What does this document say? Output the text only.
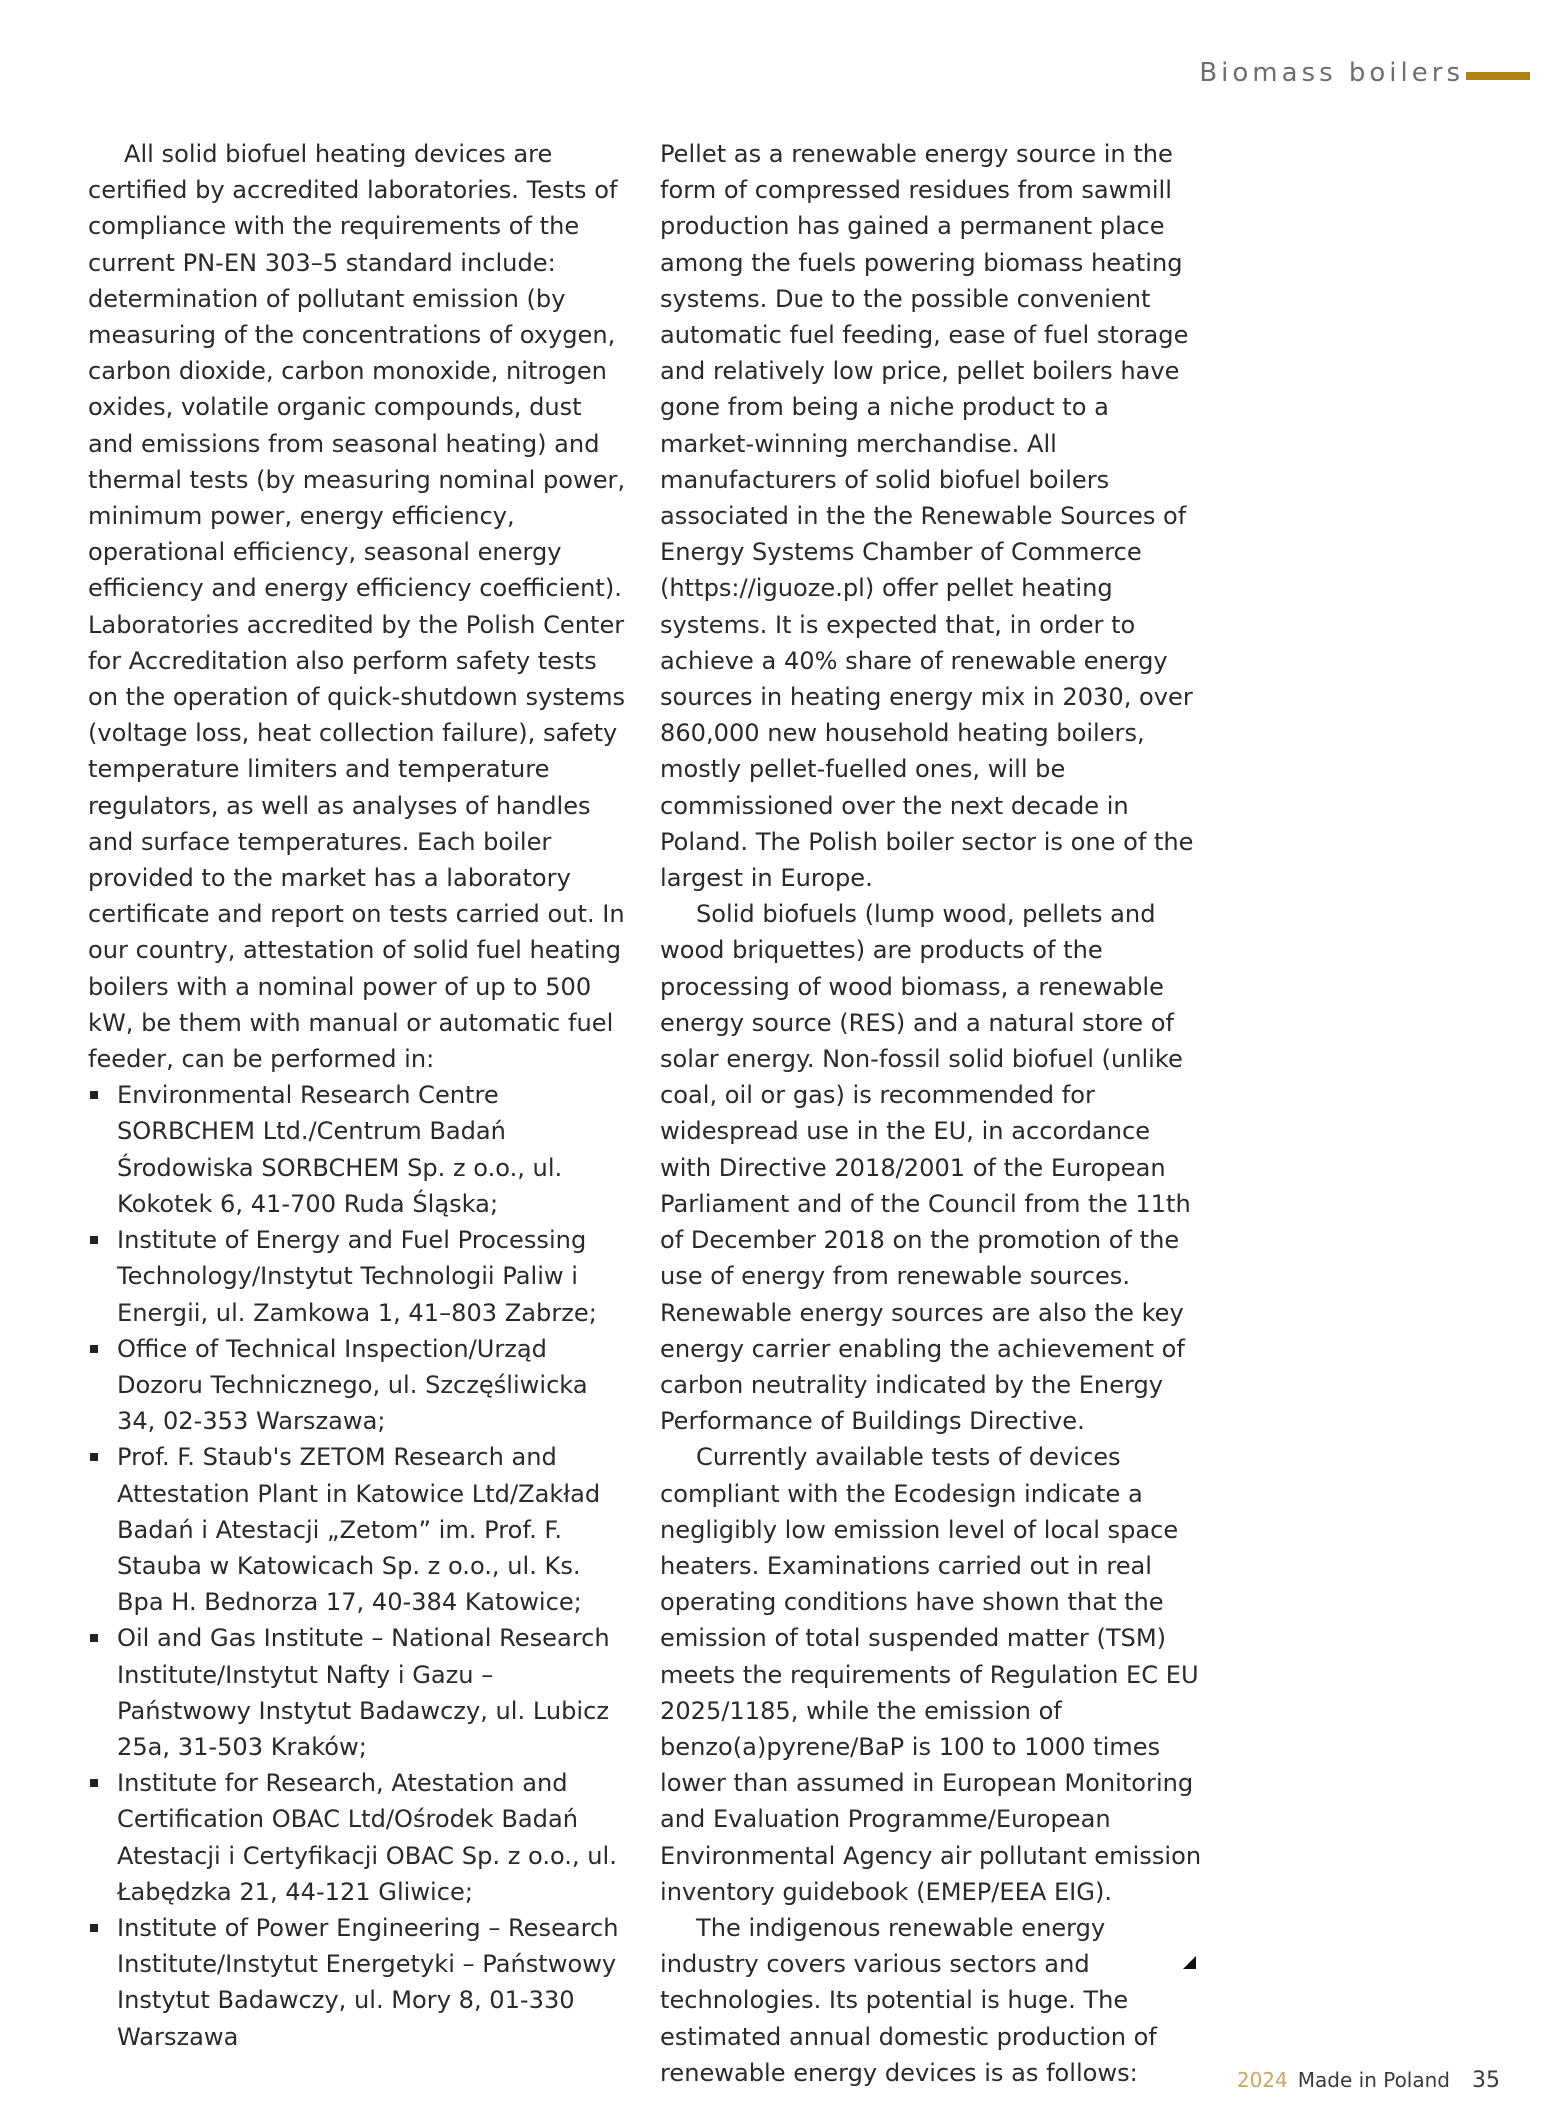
Biomass boilers

All solid biofuel heating devices are certified by accredited laboratories. Tests of compliance with the requirements of the current PN-EN 303–5 standard include: determination of pollutant emission (by measuring of the concentrations of oxygen, carbon dioxide, carbon monoxide, nitrogen oxides, volatile organic compounds, dust and emissions from seasonal heating) and thermal tests (by measuring nominal power, minimum power, energy efficiency, operational efficiency, seasonal energy efficiency and energy efficiency coefficient). Laboratories accredited by the Polish Center for Accreditation also perform safety tests on the operation of quick-shutdown systems (voltage loss, heat collection failure), safety temperature limiters and temperature regulators, as well as analyses of handles and surface temperatures. Each boiler provided to the market has a laboratory certificate and report on tests carried out. In our country, attestation of solid fuel heating boilers with a nominal power of up to 500 kW, be them with manual or automatic fuel feeder, can be performed in:

Environmental Research Centre SORBCHEM Ltd./Centrum Badań Środowiska SORBCHEM Sp. z o.o., ul. Kokotek 6, 41-700 Ruda Śląska;
Institute of Energy and Fuel Processing Technology/Instytut Technologii Paliw i Energii, ul. Zamkowa 1, 41–803 Zabrze;
Office of Technical Inspection/Urząd Dozoru Technicznego, ul. Szczęśliwicka 34, 02-353 Warszawa;
Prof. F. Staub's ZETOM Research and Attestation Plant in Katowice Ltd/Zakład Badań i Atestacji „Zetom” im. Prof. F. Stauba w Katowicach Sp. z o.o., ul. Ks. Bpa H. Bednorza 17, 40-384 Katowice;
Oil and Gas Institute – National Research Institute/Instytut Nafty i Gazu – Państwowy Instytut Badawczy, ul. Lubicz 25a, 31-503 Kraków;
Institute for Research, Atestation and Certification OBAC Ltd/Ośrodek Badań Atestacji i Certyfikacji OBAC Sp. z o.o., ul. Łabędzka 21, 44-121 Gliwice;
Institute of Power Engineering – Research Institute/Instytut Energetyki – Państwowy Instytut Badawczy, ul. Mory 8, 01-330 Warszawa

Pellet as a renewable energy source in the form of compressed residues from sawmill production has gained a permanent place among the fuels powering biomass heating systems. Due to the possible convenient automatic fuel feeding, ease of fuel storage and relatively low price, pellet boilers have gone from being a niche product to a market-winning merchandise. All manufacturers of solid biofuel boilers associated in the the Renewable Sources of Energy Systems Chamber of Commerce (https://iguoze.pl) offer pellet heating systems. It is expected that, in order to achieve a 40% share of renewable energy sources in heating energy mix in 2030, over 860,000 new household heating boilers, mostly pellet-fuelled ones, will be commissioned over the next decade in Poland. The Polish boiler sector is one of the largest in Europe.

Solid biofuels (lump wood, pellets and wood briquettes) are products of the processing of wood biomass, a renewable energy source (RES) and a natural store of solar energy. Non-fossil solid biofuel (unlike coal, oil or gas) is recommended for widespread use in the EU, in accordance with Directive 2018/2001 of the European Parliament and of the Council from the 11th of December 2018 on the promotion of the use of energy from renewable sources. Renewable energy sources are also the key energy carrier enabling the achievement of carbon neutrality indicated by the Energy Performance of Buildings Directive.

Currently available tests of devices compliant with the Ecodesign indicate a negligibly low emission level of local space heaters. Examinations carried out in real operating conditions have shown that the emission of total suspended matter (TSM) meets the requirements of Regulation EC EU 2025/1185, while the emission of benzo(a)pyrene/BaP is 100 to 1000 times lower than assumed in European Monitoring and Evaluation Programme/European Environmental Agency air pollutant emission inventory guidebook (EMEP/EEA EIG).

The indigenous renewable energy industry covers various sectors and technologies. Its potential is huge. The estimated annual domestic production of renewable energy devices is as follows:	2024 Made in Poland 35
